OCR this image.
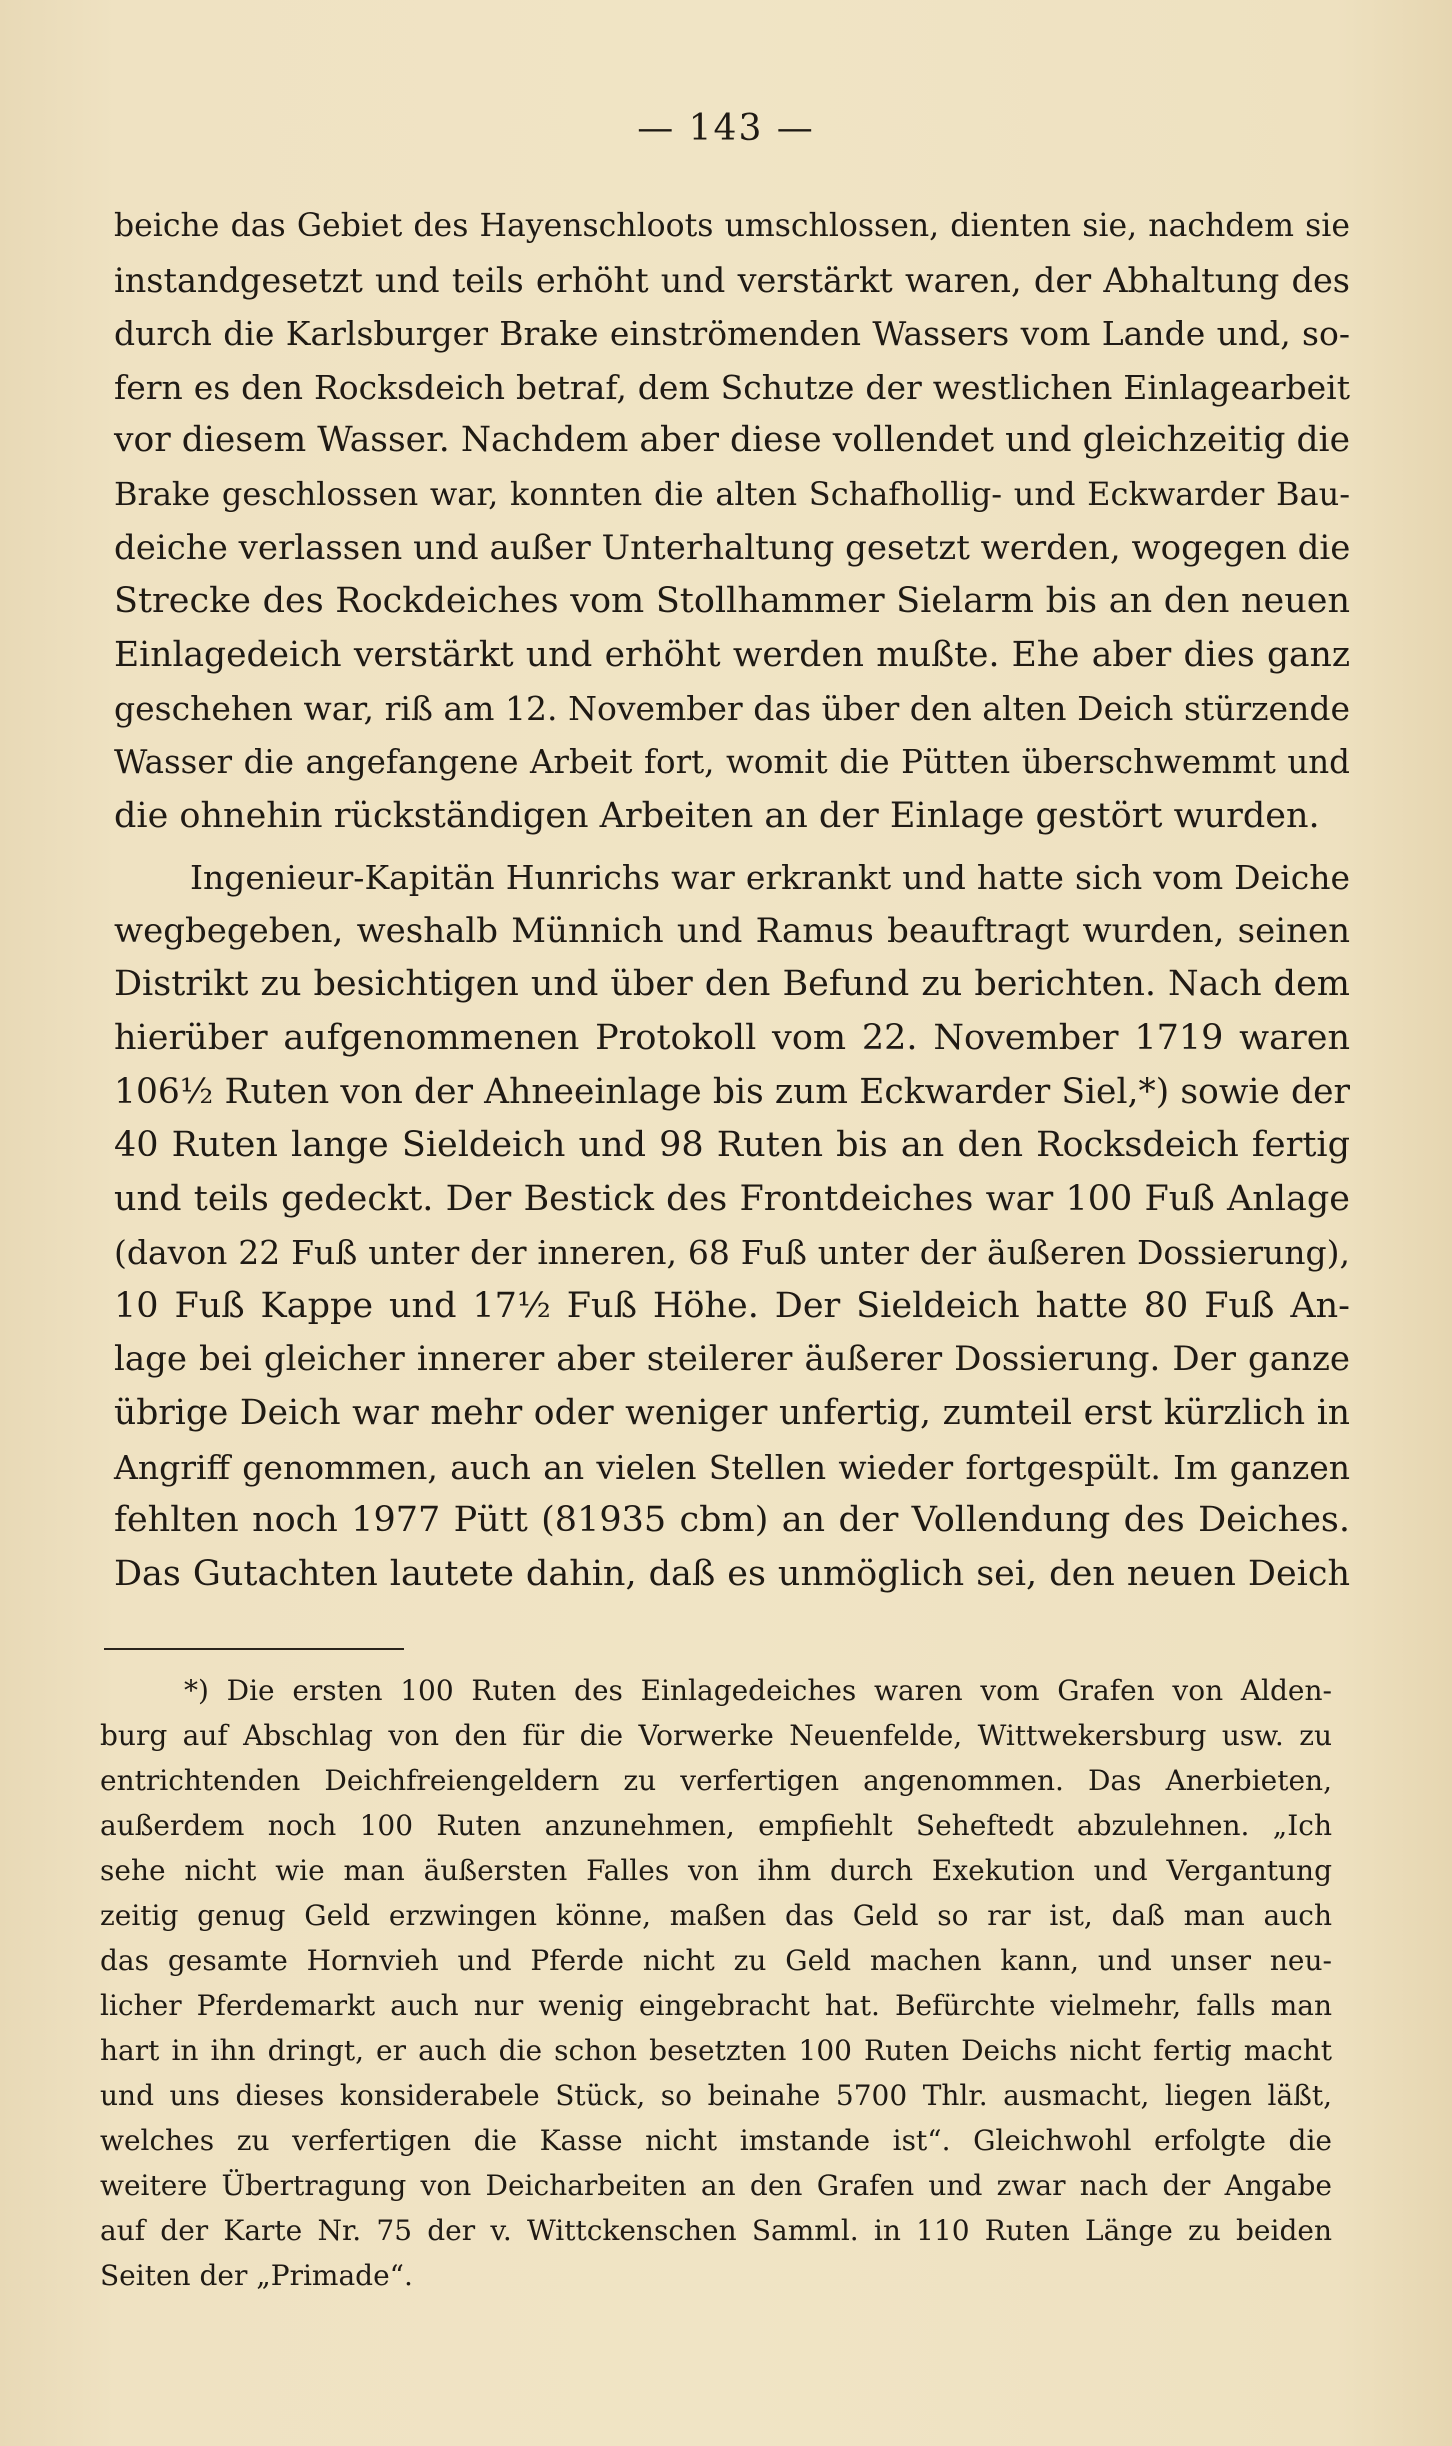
— 143 —
beiche das Gebiet des Hayenschloots umschlossen, dienten sie, nachdem sie
instandgesetzt und teils erhöht und verstärkt waren, der Abhaltung des
durch die Karlsburger Brake einströmenden Wassers vom Lande und, so-
fern es den Rocksdeich betraf, dem Schutze der westlichen Einlagearbeit
vor diesem Wasser. Nachdem aber diese vollendet und gleichzeitig die
Brake geschlossen war, konnten die alten Schafhollig- und Eckwarder Bau-
deiche verlassen und außer Unterhaltung gesetzt werden, wogegen die
Strecke des Rockdeiches vom Stollhammer Sielarm bis an den neuen
Einlagedeich verstärkt und erhöht werden mußte. Ehe aber dies ganz
geschehen war, riß am 12. November das über den alten Deich stürzende
Wasser die angefangene Arbeit fort, womit die Pütten überschwemmt und
die ohnehin rückständigen Arbeiten an der Einlage gestört wurden.
Ingenieur-Kapitän Hunrichs war erkrankt und hatte sich vom Deiche
wegbegeben, weshalb Münnich und Ramus beauftragt wurden, seinen
Distrikt zu besichtigen und über den Befund zu berichten. Nach dem
hierüber aufgenommenen Protokoll vom 22. November 1719 waren
106½ Ruten von der Ahneeinlage bis zum Eckwarder Siel,*) sowie der
40 Ruten lange Sieldeich und 98 Ruten bis an den Rocksdeich fertig
und teils gedeckt. Der Bestick des Frontdeiches war 100 Fuß Anlage
(davon 22 Fuß unter der inneren, 68 Fuß unter der äußeren Dossierung),
10 Fuß Kappe und 17½ Fuß Höhe. Der Sieldeich hatte 80 Fuß An-
lage bei gleicher innerer aber steilerer äußerer Dossierung. Der ganze
übrige Deich war mehr oder weniger unfertig, zumteil erst kürzlich in
Angriff genommen, auch an vielen Stellen wieder fortgespült. Im ganzen
fehlten noch 1977 Pütt (81935 cbm) an der Vollendung des Deiches.
Das Gutachten lautete dahin, daß es unmöglich sei, den neuen Deich
*) Die ersten 100 Ruten des Einlagedeiches waren vom Grafen von Alden-
burg auf Abschlag von den für die Vorwerke Neuenfelde, Wittwekersburg usw. zu
entrichtenden Deichfreiengeldern zu verfertigen angenommen. Das Anerbieten,
außerdem noch 100 Ruten anzunehmen, empfiehlt Seheftedt abzulehnen. „Ich
sehe nicht wie man äußersten Falles von ihm durch Exekution und Vergantung
zeitig genug Geld erzwingen könne, maßen das Geld so rar ist, daß man auch
das gesamte Hornvieh und Pferde nicht zu Geld machen kann, und unser neu-
licher Pferdemarkt auch nur wenig eingebracht hat. Befürchte vielmehr, falls man
hart in ihn dringt, er auch die schon besetzten 100 Ruten Deichs nicht fertig macht
und uns dieses konsiderabele Stück, so beinahe 5700 Thlr. ausmacht, liegen läßt,
welches zu verfertigen die Kasse nicht imstande ist“. Gleichwohl erfolgte die
weitere Übertragung von Deicharbeiten an den Grafen und zwar nach der Angabe
auf der Karte Nr. 75 der v. Wittckenschen Samml. in 110 Ruten Länge zu beiden
Seiten der „Primade“.
